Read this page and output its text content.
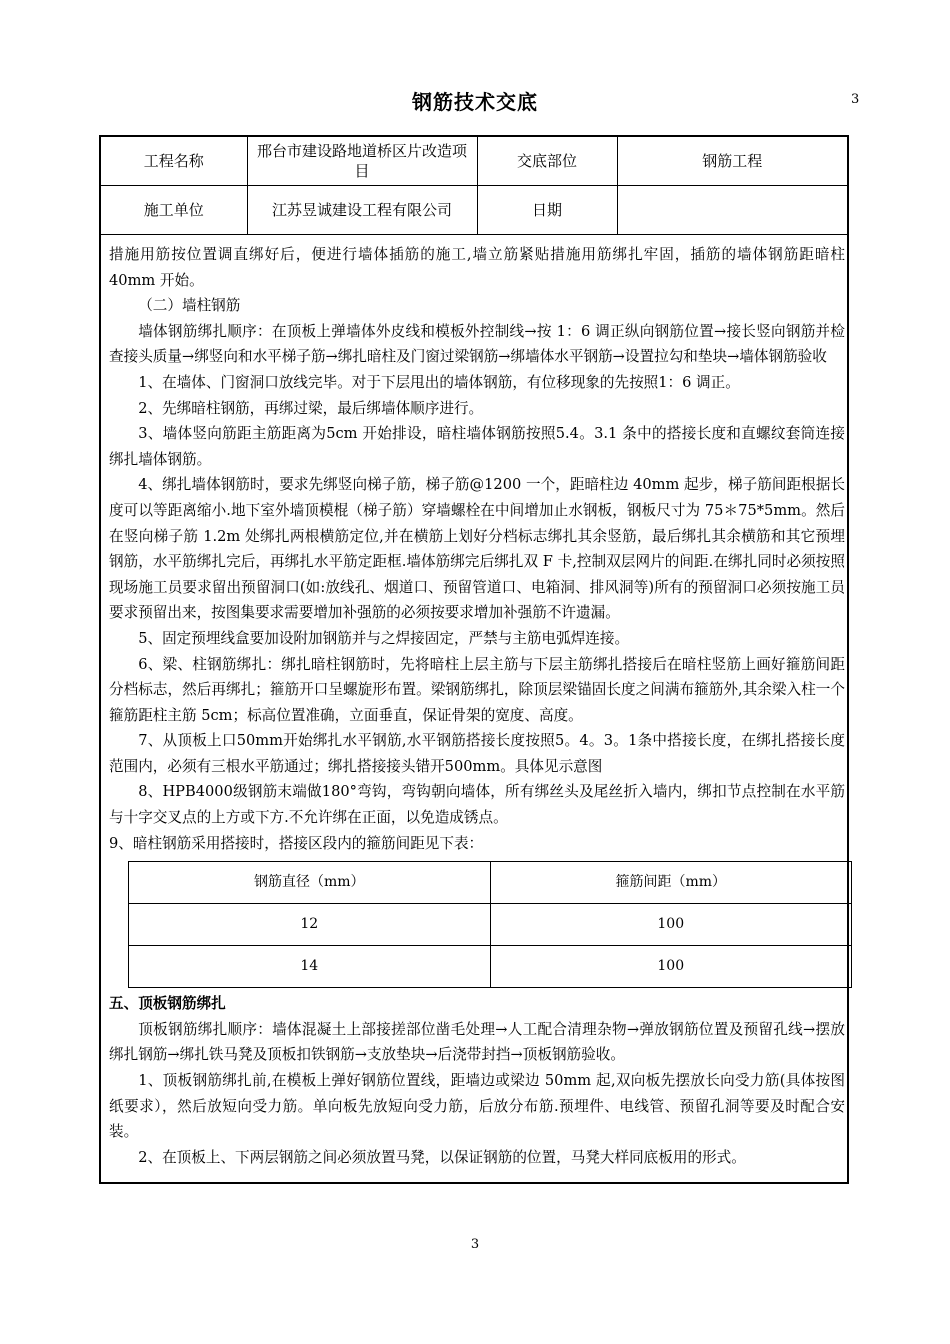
钢筋技术交底	3
工程名称	邢台市建设路地道桥区片改造项目	交底部位	钢筋工程
施工单位	江苏昱诚建设工程有限公司	日期	

措施用筋按位置调直绑好后，便进行墙体插筋的施工,墙立筋紧贴措施用筋绑扎牢固，插筋的墙体钢筋距暗柱 40mm 开始。

（二）墙柱钢筋

墙体钢筋绑扎顺序：在顶板上弹墙体外皮线和模板外控制线→按 1：6 调正纵向钢筋位置→接长竖向钢筋并检查接头质量→绑竖向和水平梯子筋→绑扎暗柱及门窗过梁钢筋→绑墙体水平钢筋→设置拉勾和垫块→墙体钢筋验收

1、在墙体、门窗洞口放线完毕。对于下层甩出的墙体钢筋，有位移现象的先按照1：6 调正。

2、先绑暗柱钢筋，再绑过梁，最后绑墙体顺序进行。

3、墙体竖向筋距主筋距离为5cm 开始排设，暗柱墙体钢筋按照5.4。3.1 条中的搭接长度和直螺纹套筒连接绑扎墙体钢筋。

4、绑扎墙体钢筋时，要求先绑竖向梯子筋，梯子筋@1200 一个，距暗柱边 40mm 起步，梯子筋间距根据长度可以等距离缩小.地下室外墙顶模棍（梯子筋）穿墙螺栓在中间增加止水钢板，钢板尺寸为 75＊75*5mm。然后在竖向梯子筋 1.2m 处绑扎两根横筋定位,并在横筋上划好分档标志绑扎其余竖筋，最后绑扎其余横筋和其它预埋钢筋，水平筋绑扎完后，再绑扎水平筋定距框.墙体筋绑完后绑扎双 F 卡,控制双层网片的间距.在绑扎同时必须按照现场施工员要求留出预留洞口(如:放线孔、烟道口、预留管道口、电箱洞、排风洞等)所有的预留洞口必须按施工员要求预留出来，按图集要求需要增加补强筋的必须按要求增加补强筋不许遗漏。

5、固定预埋线盒要加设附加钢筋并与之焊接固定，严禁与主筋电弧焊连接。

6、梁、柱钢筋绑扎：绑扎暗柱钢筋时，先将暗柱上层主筋与下层主筋绑扎搭接后在暗柱竖筋上画好箍筋间距分档标志，然后再绑扎；箍筋开口呈螺旋形布置。梁钢筋绑扎，除顶层梁锚固长度之间满布箍筋外,其余梁入柱一个箍筋距柱主筋 5cm；标高位置准确，立面垂直，保证骨架的宽度、高度。

7、从顶板上口50mm开始绑扎水平钢筋,水平钢筋搭接长度按照5。4。3。1条中搭接长度，在绑扎搭接长度范围内，必须有三根水平筋通过；绑扎搭接接头错开500mm。具体见示意图

8、HPB4000级钢筋末端做180°弯钩，弯钩朝向墙体，所有绑丝头及尾丝折入墙内，绑扣节点控制在水平筋与十字交叉点的上方或下方.不允许绑在正面，以免造成锈点。

9、暗柱钢筋采用搭接时，搭接区段内的箍筋间距见下表：

钢筋直径（mm）	箍筋间距（mm）
12	100
14	100

五、顶板钢筋绑扎

顶板钢筋绑扎顺序：墙体混凝土上部接搓部位凿毛处理→人工配合清理杂物→弹放钢筋位置及预留孔线→摆放绑扎钢筋→绑扎铁马凳及顶板扣铁钢筋→支放垫块→后浇带封挡→顶板钢筋验收。

1、顶板钢筋绑扎前,在模板上弹好钢筋位置线，距墙边或梁边 50mm 起,双向板先摆放长向受力筋(具体按图纸要求），然后放短向受力筋。单向板先放短向受力筋，后放分布筋.预埋件、电线管、预留孔洞等要及时配合安装。

2、在顶板上、下两层钢筋之间必须放置马凳，以保证钢筋的位置，马凳大样同底板用的形式。

3
